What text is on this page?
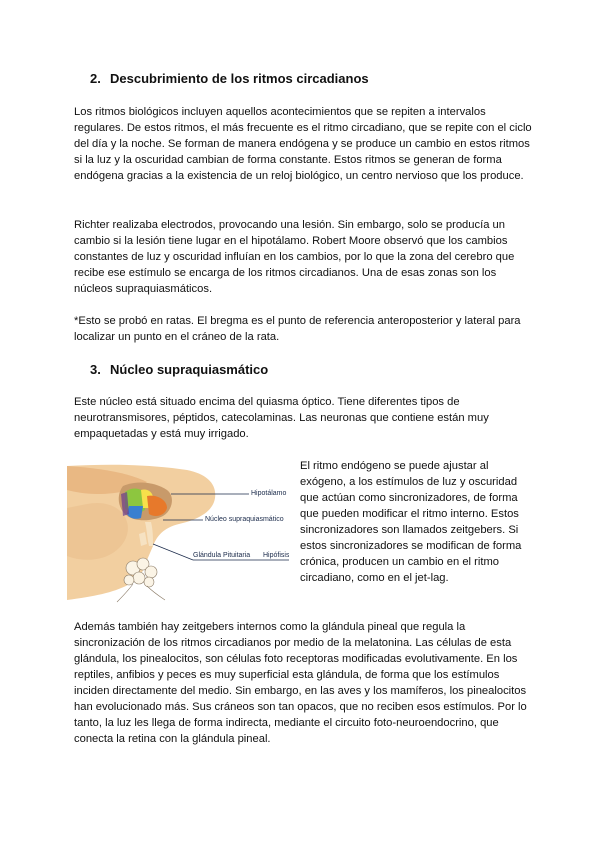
2. Descubrimiento de los ritmos circadianos

Los ritmos biológicos incluyen aquellos acontecimientos que se repiten a intervalos regulares. De estos ritmos, el más frecuente es el ritmo circadiano, que se repite con el ciclo del día y la noche. Se forman de manera endógena y se produce un cambio en estos ritmos si la luz y la oscuridad cambian de forma constante. Estos ritmos se generan de forma endógena gracias a la existencia de un reloj biológico, un centro nervioso que los produce.

Richter realizaba electrodos, provocando una lesión. Sin embargo, solo se producía un cambio si la lesión tiene lugar en el hipotálamo. Robert Moore observó que los cambios constantes de luz y oscuridad influían en los cambios, por lo que la zona del cerebro que recibe ese estímulo se encarga de los ritmos circadianos. Una de esas zonas son los núcleos supraquiasmáticos.

*Esto se probó en ratas. El bregma es el punto de referencia anteroposterior y lateral para localizar un punto en el cráneo de la rata.

3. Núcleo supraquiasmático

Este núcleo está situado encima del quiasma óptico. Tiene diferentes tipos de neurotransmisores, péptidos, catecolaminas. Las neuronas que contiene están muy empaquetadas y está muy irrigado.

Hipotálamo
Núcleo supraquiasmático
Glándula Pituitaria Hipófisis

El ritmo endógeno se puede ajustar al exógeno, a los estímulos de luz y oscuridad que actúan como sincronizadores, de forma que pueden modificar el ritmo interno. Estos sincronizadores son llamados zeitgebers. Si estos sincronizadores se modifican de forma crónica, producen un cambio en el ritmo circadiano, como en el jet-lag.

Además también hay zeitgebers internos como la glándula pineal que regula la sincronización de los ritmos circadianos por medio de la melatonina. Las células de esta glándula, los pinealocitos, son células foto receptoras modificadas evolutivamente. En los reptiles, anfibios y peces es muy superficial esta glándula, de forma que los estímulos inciden directamente del medio. Sin embargo, en las aves y los mamíferos, los pinealocitos han evolucionado más. Sus cráneos son tan opacos, que no reciben esos estímulos. Por lo tanto, la luz les llega de forma indirecta, mediante el circuito foto-neuroendocrino, que conecta la retina con la glándula pineal.
